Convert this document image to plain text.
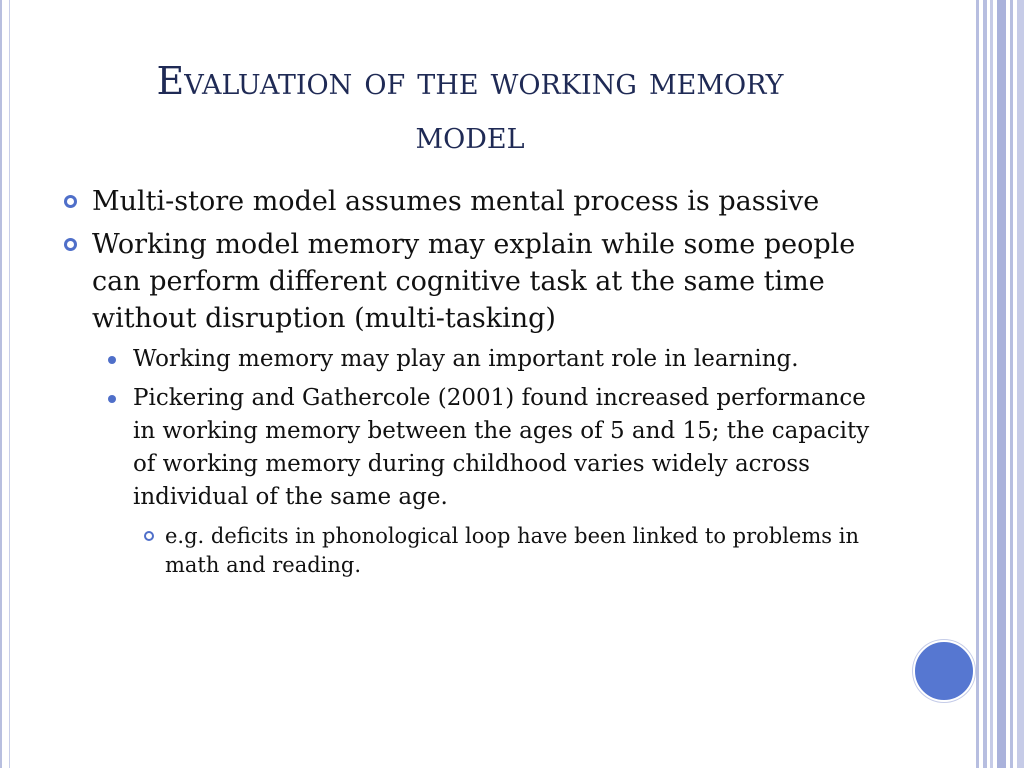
Evaluation of the working memory
model
Multi-store model assumes mental process is passive
Working model memory may explain while some people can perform different cognitive task at the same time without disruption (multi-tasking)
Working memory may play an important role in learning.
Pickering and Gathercole (2001) found increased performance in working memory between the ages of 5 and 15; the capacity of working memory during childhood varies widely across individual of the same age.
e.g. deficits in phonological loop have been linked to problems in math and reading.
